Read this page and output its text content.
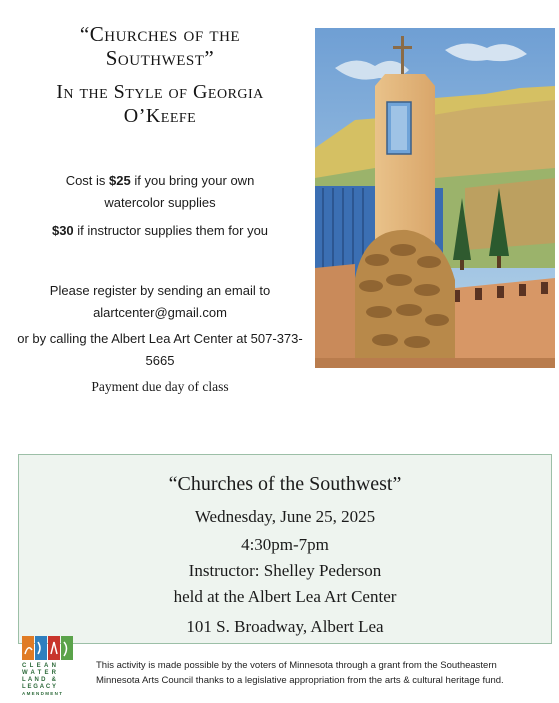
“Churches of the
Southwest”
In the Style of Georgia
O’Keefe
Cost is $25 if you bring your own
watercolor supplies
$30 if instructor supplies them for you
Please register by sending an email to
alartcenter@gmail.com
or by calling the Albert Lea Art Center at 507-373-
5665
Payment due day of class
“Churches of the Southwest”
Wednesday, June 25, 2025
4:30pm-7pm
Instructor: Shelley Pederson
held at the Albert Lea Art Center
101 S. Broadway, Albert Lea
CLEAN
WATER
LAND &
LEGACY
AMENDMENT
This activity is made possible by the voters of Minnesota through a grant from the Southeastern
Minnesota Arts Council thanks to a legislative appropriation from the arts & cultural heritage fund.
